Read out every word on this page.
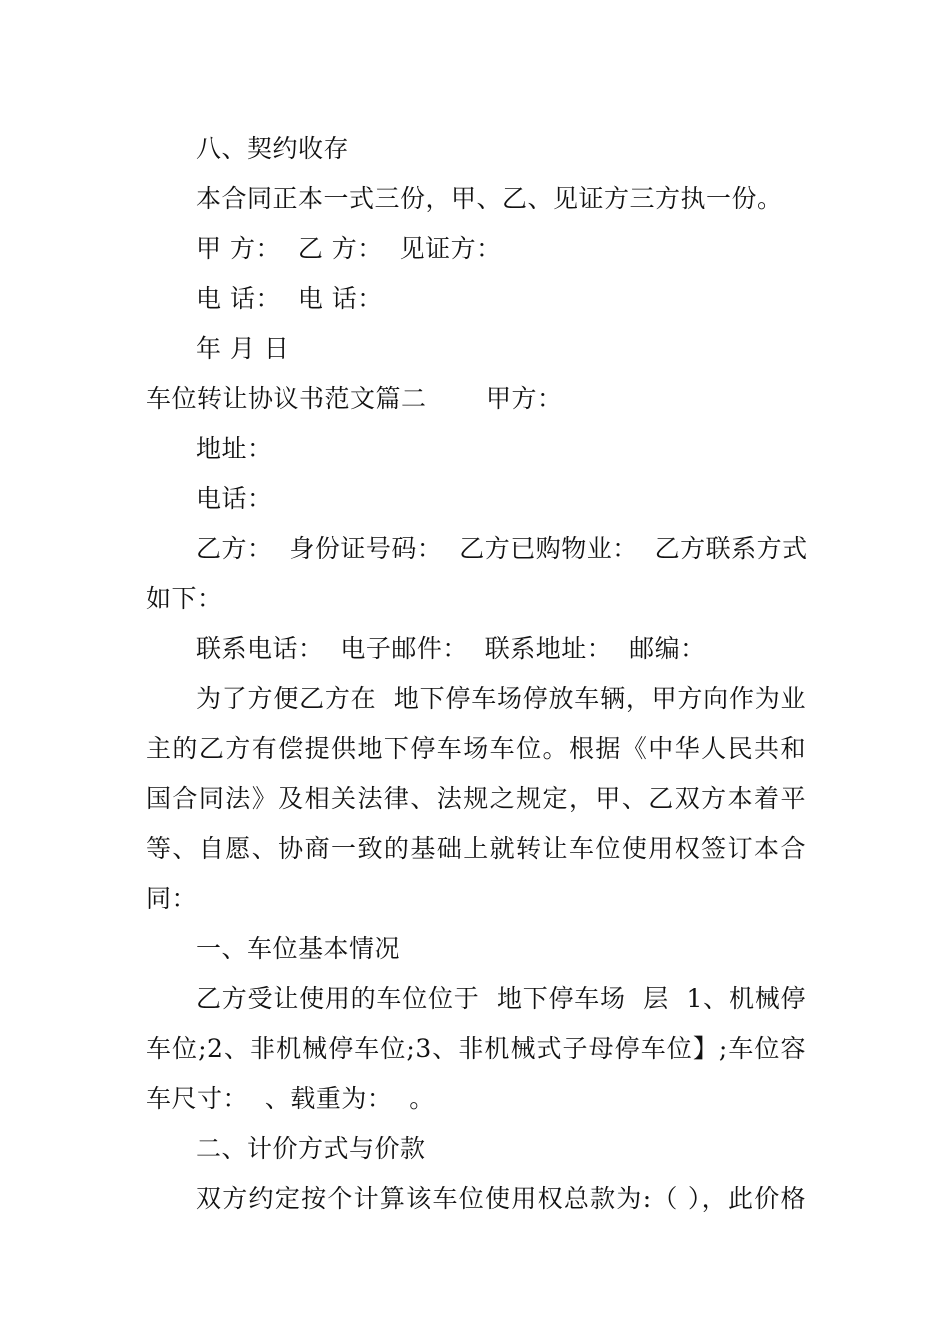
八、契约收存
本合同正本一式三份，甲、乙、见证方三方执一份。
甲 方：  乙 方：  见证方：
电 话：  电 话：
年 月 日
车位转让协议书范文篇二　　 甲方：
地址：
电话：
乙方：  身份证号码：  乙方已购物业：  乙方联系方式
如下：
联系电话：  电子邮件：  联系地址：  邮编：
为了方便乙方在  地下停车场停放车辆，甲方向作为业
主的乙方有偿提供地下停车场车位。根据《中华人民共和
国合同法》及相关法律、法规之规定，甲、乙双方本着平
等、自愿、协商一致的基础上就转让车位使用权签订本合
同：
一、车位基本情况
乙方受让使用的车位位于  地下停车场  层  1、机械停
车位;2、非机械停车位;3、非机械式子母停车位】;车位容
车尺寸：  、载重为：  。
二、计价方式与价款
双方约定按个计算该车位使用权总款为:（ ），此价格
